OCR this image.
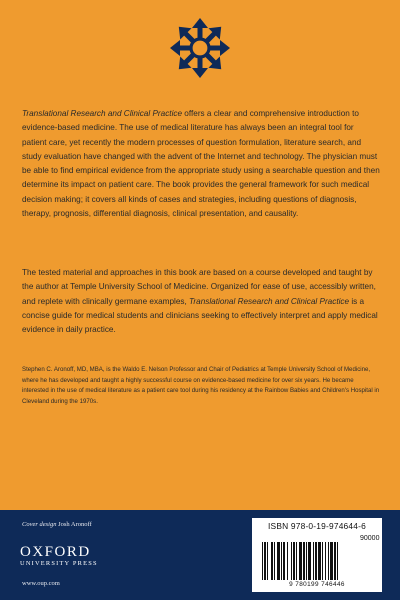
Translational Research and Clinical Practice offers a clear and comprehensive introduction to evidence-based medicine. The use of medical literature has always been an integral tool for patient care, yet recently the modern processes of question formulation, literature search, and study evaluation have changed with the advent of the Internet and technology. The physician must be able to find empirical evidence from the appropriate study using a searchable question and then determine its impact on patient care. The book provides the general framework for such medical decision making; it covers all kinds of cases and strategies, including questions of diagnosis, therapy, prognosis, differential diagnosis, clinical presentation, and causality.

The tested material and approaches in this book are based on a course developed and taught by the author at Temple University School of Medicine. Organized for ease of use, accessibly written, and replete with clinically germane examples, Translational Research and Clinical Practice is a concise guide for medical students and clinicians seeking to effectively interpret and apply medical evidence in daily practice.

Stephen C. Aronoff, MD, MBA, is the Waldo E. Nelson Professor and Chair of Pediatrics at Temple University School of Medicine, where he has developed and taught a highly successful course on evidence-based medicine for over six years. He became interested in the use of medical literature as a patient care tool during his residency at the Rainbow Babies and Children's Hospital in Cleveland during the 1970s.

Cover design Josh Aronoff
OXFORD
UNIVERSITY PRESS
www.oup.com
ISBN 978-0-19-974644-6
90000
9 780199 746446
